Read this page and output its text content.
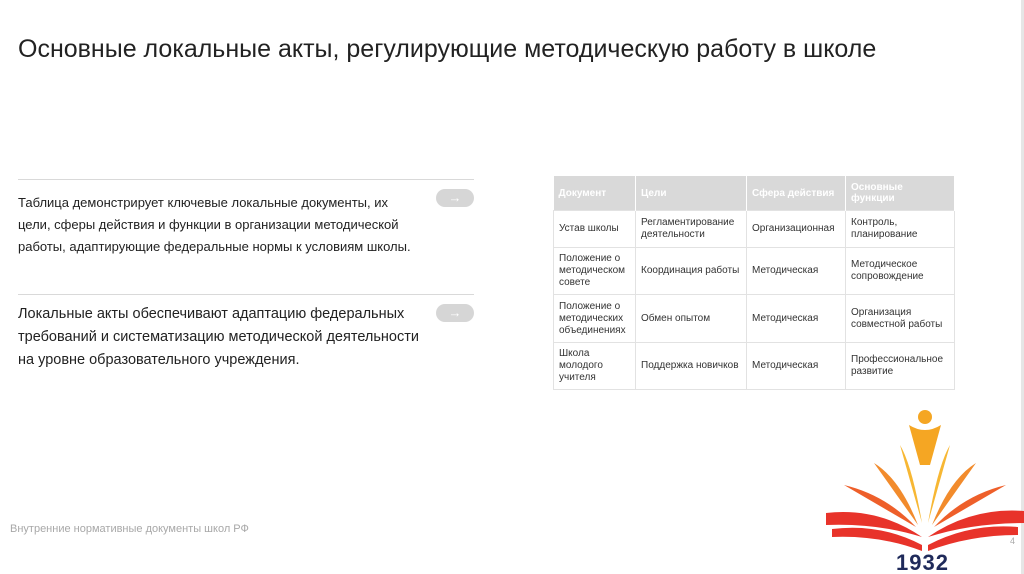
Основные локальные акты, регулирующие методическую работу в школе
Таблица демонстрирует ключевые локальные документы, их цели, сферы действия и функции в организации методической работы, адаптирующие федеральные нормы к условиям школы.
→
Локальные акты обеспечивают адаптацию федеральных требований и систематизацию методической деятельности на уровне образовательного учреждения.
→
Документ	Цели	Сфера действия	Основные функции
Устав школы	Регламентирование деятельности	Организационная	Контроль, планирование
Положение о методическом совете	Координация работы	Методическая	Методическое сопровождение
Положение о методических объединениях	Обмен опытом	Методическая	Организация совместной работы
Школа молодого учителя	Поддержка новичков	Методическая	Профессиональное развитие
1932
Внутренние нормативные документы школ РФ
4
